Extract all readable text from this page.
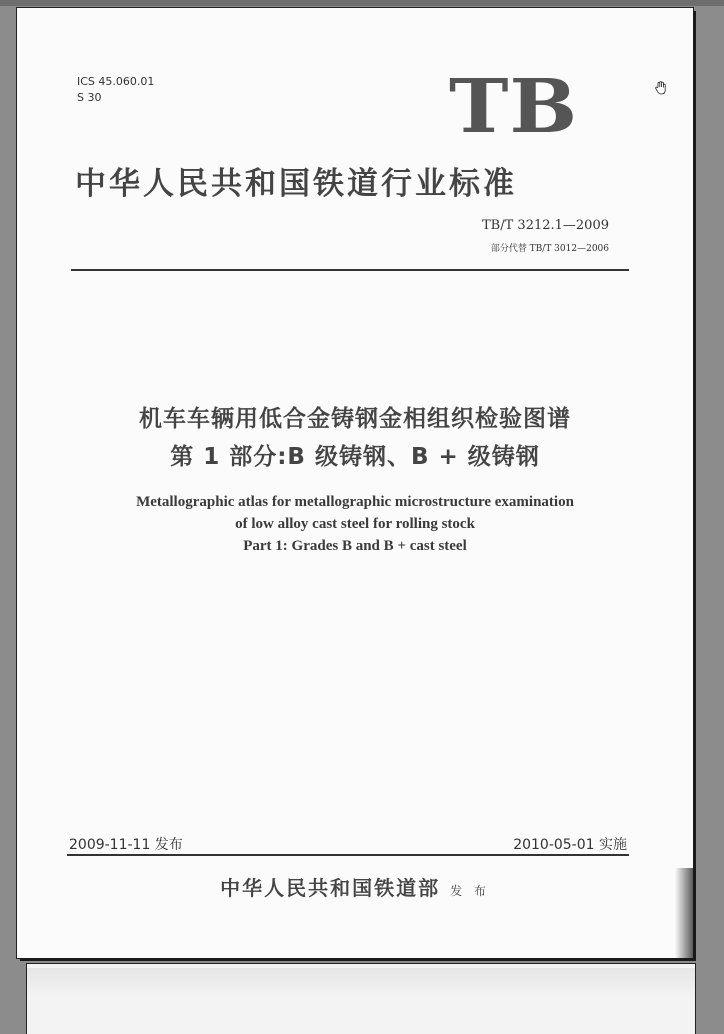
ICS 45.060.01
S 30	TB
中华人民共和国铁道行业标准
TB/T 3212.1—2009
部分代替 TB/T 3012—2006
机车车辆用低合金铸钢金相组织检验图谱
第 1 部分:B 级铸钢、B + 级铸钢
Metallographic atlas for metallographic microstructure examination
of low alloy cast steel for rolling stock
Part 1: Grades B and B + cast steel
2009-11-11 发布	2010-05-01 实施
中华人民共和国铁道部 发 布
